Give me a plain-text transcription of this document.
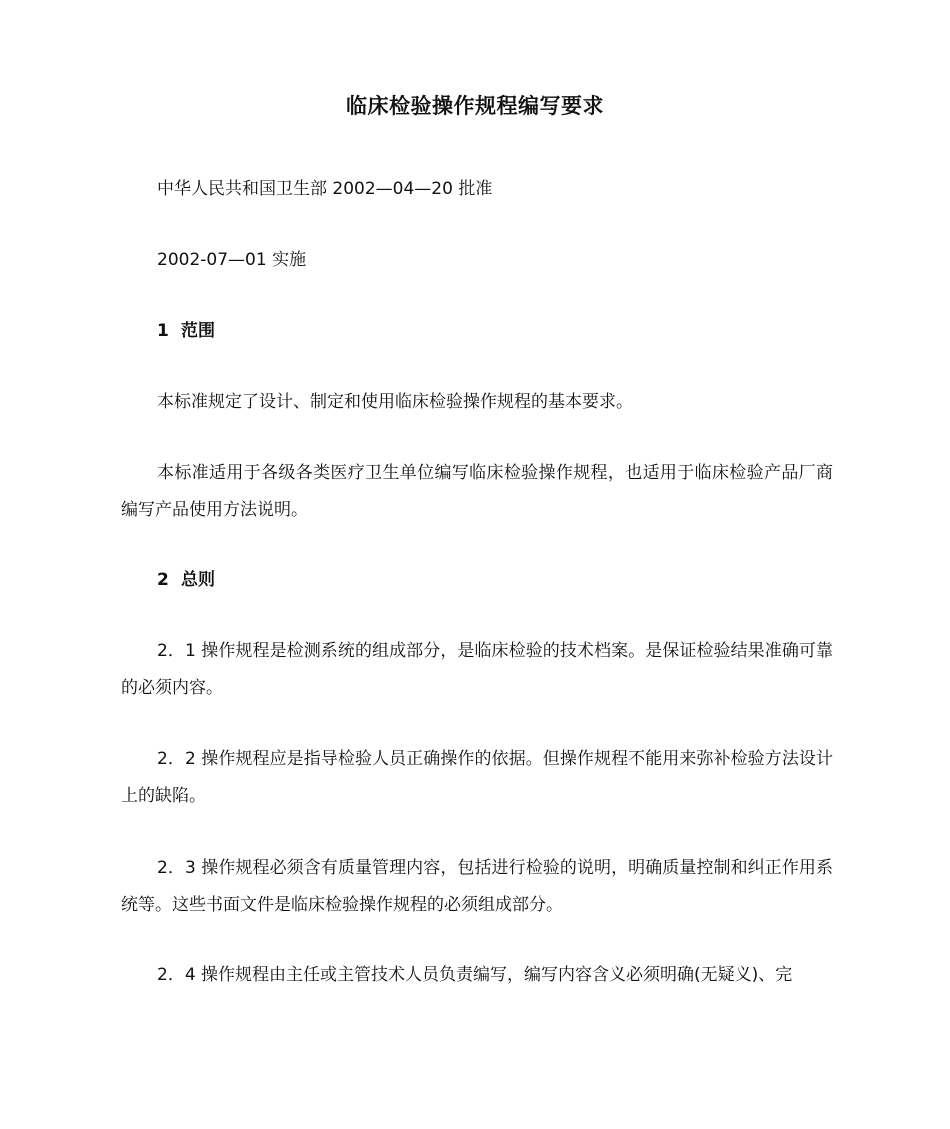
临床检验操作规程编写要求
中华人民共和国卫生部 2002—04—20 批准
2002-07—01 实施
1 范围
本标准规定了设计、制定和使用临床检验操作规程的基本要求。
本标准适用于各级各类医疗卫生单位编写临床检验操作规程，也适用于临床检验产品厂商编写产品使用方法说明。
2 总则
2．1 操作规程是检测系统的组成部分，是临床检验的技术档案。是保证检验结果准确可靠的必须内容。
2．2 操作规程应是指导检验人员正确操作的依据。但操作规程不能用来弥补检验方法设计上的缺陷。
2．3 操作规程必须含有质量管理内容，包括进行检验的说明，明确质量控制和纠正作用系统等。这些书面文件是临床检验操作规程的必须组成部分。
2．4 操作规程由主任或主管技术人员负责编写，编写内容含义必须明确(无疑义)、完
